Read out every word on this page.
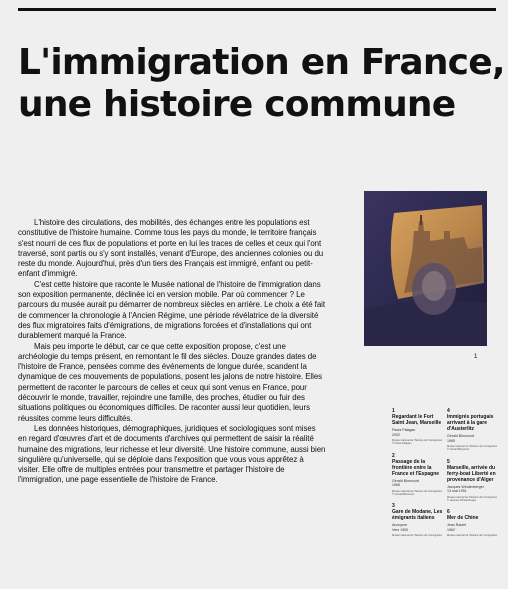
L'immigration en France,
une histoire commune

L'histoire des circulations, des mobilités, des échanges entre les populations est constitutive de l'histoire humaine. Comme tous les pays du monde, le territoire français s'est nourri de ces flux de populations et porte en lui les traces de celles et ceux qui l'ont traversé, sont partis ou s'y sont installés, venant d'Europe, des anciennes colonies ou du reste du monde. Aujourd'hui, près d'un tiers des Français est immigré, enfant ou petit-enfant d'immigré.

C'est cette histoire que raconte le Musée national de l'histoire de l'immigration dans son exposition permanente, déclinée ici en version mobile. Par où commencer ? Le parcours du musée aurait pu démarrer de nombreux siècles en arrière. Le choix a été fait de commencer la chronologie à l'Ancien Régime, une période révélatrice de la diversité des flux migratoires faits d'émigrations, de migrations forcées et d'installations qui ont durablement marqué la France.

Mais peu importe le début, car ce que cette exposition propose, c'est une archéologie du temps présent, en remontant le fil des siècles. Douze grandes dates de l'histoire de France, pensées comme des événements de longue durée, scandent la dynamique de ces mouvements de populations, posent les jalons de notre histoire. Elles permettent de raconter le parcours de celles et ceux qui sont venus en France, pour découvrir le monde, travailler, rejoindre une famille, des proches, étudier ou fuir des situations politiques ou économiques difficiles. De raconter aussi leur quotidien, leurs réussites comme leurs difficultés.

Les données historiques, démographiques, juridiques et sociologiques sont mises en regard d'œuvres d'art et de documents d'archives qui permettent de saisir la réalité humaine des migrations, leur richesse et leur diversité. Une histoire commune, aussi bien singulière qu'universelle, qui se déploie dans l'exposition que vous vous apprêtez à visiter. Elle offre de multiples entrées pour transmettre et partager l'histoire de l'immigration, une page essentielle de l'histoire de France.

1
1
Regardant le Fort Saint Jean, Marseille
Paola Palagan
2002
Musée national de l'histoire de l'immigration
© Paola Palagan
2
Passage de la frontière entre la France et l'Espagne
Gérald Bloncourt
1965
Musée national de l'histoire de l'immigration
© Gérald Bloncourt
3
Gare de Modane, Les émigrants italiens
Anonyme
Vers 1900
Musée national de l'histoire de l'immigration
4
Immigrés portugais arrivant à la gare d'Austerlitz
Gérald Bloncourt
1965
Musée national de l'histoire de l'immigration
© Gérald Bloncourt
5
Marseille, arrivée du ferry-boat Liberté en provenance d'Alger
Jacques Windenberger
13 mai 1991
Musée national de l'histoire de l'immigration
© Jacques Windenberger
6
Mer de Chine
Jean Raulet
1962
Musée national de l'histoire de l'immigration
